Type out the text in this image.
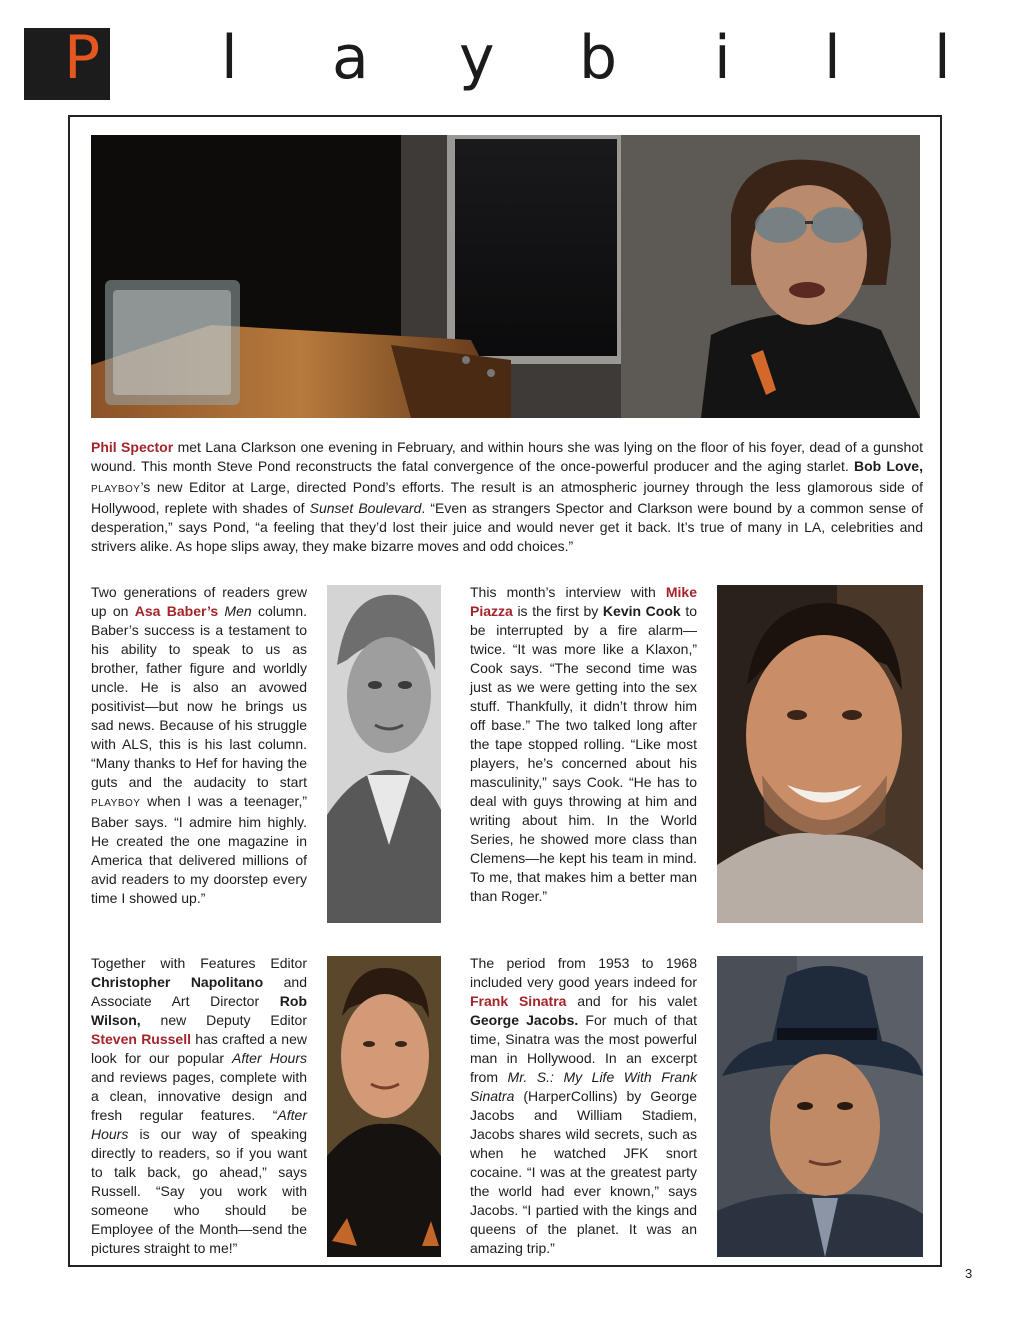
P l a y b i l l

Phil Spector met Lana Clarkson one evening in February, and within hours she was lying on the floor of his foyer, dead of a gunshot wound. This month Steve Pond reconstructs the fatal convergence of the once-powerful producer and the aging starlet. Bob Love, PLAYBOY’s new Editor at Large, directed Pond’s efforts. The result is an atmospheric journey through the less glamorous side of Hollywood, replete with shades of Sunset Boulevard. “Even as strangers Spector and Clarkson were bound by a common sense of desperation,” says Pond, “a feeling that they’d lost their juice and would never get it back. It’s true of many in LA, celebrities and strivers alike. As hope slips away, they make bizarre moves and odd choices.”

Two generations of readers grew up on Asa Baber’s Men column. Baber’s success is a testament to his ability to speak to us as brother, father figure and worldly uncle. He is also an avowed positivist—but now he brings us sad news. Because of his struggle with ALS, this is his last column. “Many thanks to Hef for having the guts and the audacity to start PLAYBOY when I was a teenager,” Baber says. “I admire him highly. He created the one magazine in America that delivered millions of avid readers to my doorstep every time I showed up.”

This month’s interview with Mike Piazza is the first by Kevin Cook to be interrupted by a fire alarm—twice. “It was more like a Klaxon,” Cook says. “The second time was just as we were getting into the sex stuff. Thankfully, it didn’t throw him off base.” The two talked long after the tape stopped rolling. “Like most players, he’s concerned about his masculinity,” says Cook. “He has to deal with guys throwing at him and writing about him. In the World Series, he showed more class than Clemens—he kept his team in mind. To me, that makes him a better man than Roger.”

Together with Features Editor Christopher Napolitano and Associate Art Director Rob Wilson, new Deputy Editor Steven Russell has crafted a new look for our popular After Hours and reviews pages, complete with a clean, innovative design and fresh regular features. “After Hours is our way of speaking directly to readers, so if you want to talk back, go ahead,” says Russell. “Say you work with someone who should be Employee of the Month—send the pictures straight to me!”

The period from 1953 to 1968 included very good years indeed for Frank Sinatra and for his valet George Jacobs. For much of that time, Sinatra was the most powerful man in Hollywood. In an excerpt from Mr. S.: My Life With Frank Sinatra (HarperCollins) by George Jacobs and William Stadiem, Jacobs shares wild secrets, such as when he watched JFK snort cocaine. “I was at the greatest party the world had ever known,” says Jacobs. “I partied with the kings and queens of the planet. It was an amazing trip.”

3
